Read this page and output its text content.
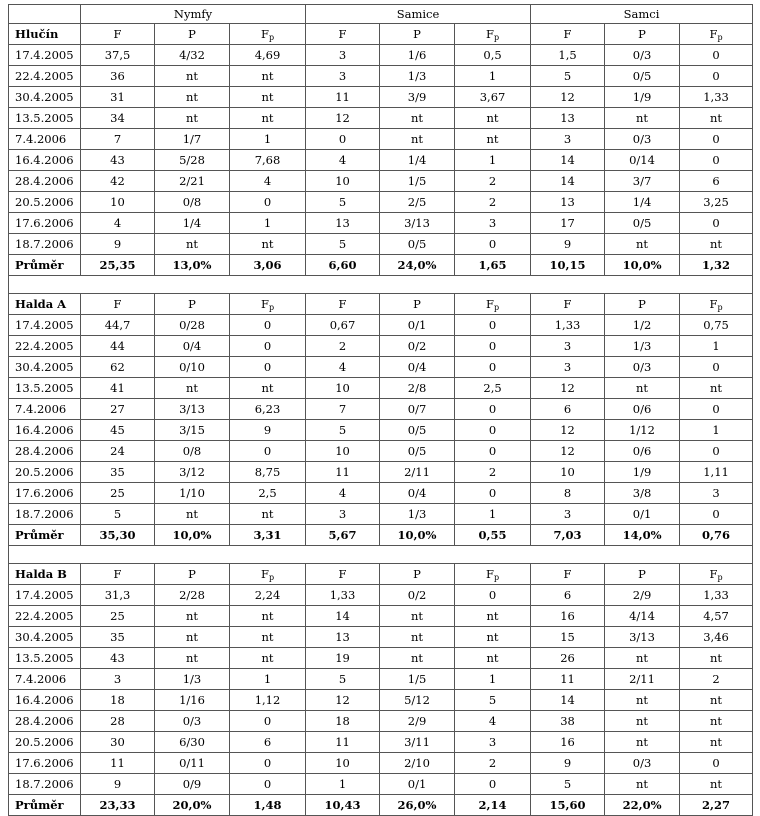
	Nymfy			Samice			Samci		
Hlučín	F	P	$F_p$	F	P	$F_p$	F	P	$F_p$
17.4.2005	37,5	4/32	4,69	3	1/6	0,5	1,5	0/3	0
22.4.2005	36	nt	nt	3	1/3	1	5	0/5	0
30.4.2005	31	nt	nt	11	3/9	3,67	12	1/9	1,33
13.5.2005	34	nt	nt	12	nt	nt	13	nt	nt
7.4.2006	7	1/7	1	0	nt	nt	3	0/3	0
16.4.2006	43	5/28	7,68	4	1/4	1	14	0/14	0
28.4.2006	42	2/21	4	10	1/5	2	14	3/7	6
20.5.2006	10	0/8	0	5	2/5	2	13	1/4	3,25
17.6.2006	4	1/4	1	13	3/13	3	17	0/5	0
18.7.2006	9	nt	nt	5	0/5	0	9	nt	nt
Průměr	25,35	13,0%	3,06	6,60	24,0%	1,65	10,15	10,0%	1,32

Halda A	F	P	$F_p$	F	P	$F_p$	F	P	$F_p$
17.4.2005	44,7	0/28	0	0,67	0/1	0	1,33	1/2	0,75
22.4.2005	44	0/4	0	2	0/2	0	3	1/3	1
30.4.2005	62	0/10	0	4	0/4	0	3	0/3	0
13.5.2005	41	nt	nt	10	2/8	2,5	12	nt	nt
7.4.2006	27	3/13	6,23	7	0/7	0	6	0/6	0
16.4.2006	45	3/15	9	5	0/5	0	12	1/12	1
28.4.2006	24	0/8	0	10	0/5	0	12	0/6	0
20.5.2006	35	3/12	8,75	11	2/11	2	10	1/9	1,11
17.6.2006	25	1/10	2,5	4	0/4	0	8	3/8	3
18.7.2006	5	nt	nt	3	1/3	1	3	0/1	0
Průměr	35,30	10,0%	3,31	5,67	10,0%	0,55	7,03	14,0%	0,76

Halda B	F	P	$F_p$	F	P	$F_p$	F	P	$F_p$
17.4.2005	31,3	2/28	2,24	1,33	0/2	0	6	2/9	1,33
22.4.2005	25	nt	nt	14	nt	nt	16	4/14	4,57
30.4.2005	35	nt	nt	13	nt	nt	15	3/13	3,46
13.5.2005	43	nt	nt	19	nt	nt	26	nt	nt
7.4.2006	3	1/3	1	5	1/5	1	11	2/11	2
16.4.2006	18	1/16	1,12	12	5/12	5	14	nt	nt
28.4.2006	28	0/3	0	18	2/9	4	38	nt	nt
20.5.2006	30	6/30	6	11	3/11	3	16	nt	nt
17.6.2006	11	0/11	0	10	2/10	2	9	0/3	0
18.7.2006	9	0/9	0	1	0/1	0	5	nt	nt
Průměr	23,33	20,0%	1,48	10,43	26,0%	2,14	15,60	22,0%	2,27
